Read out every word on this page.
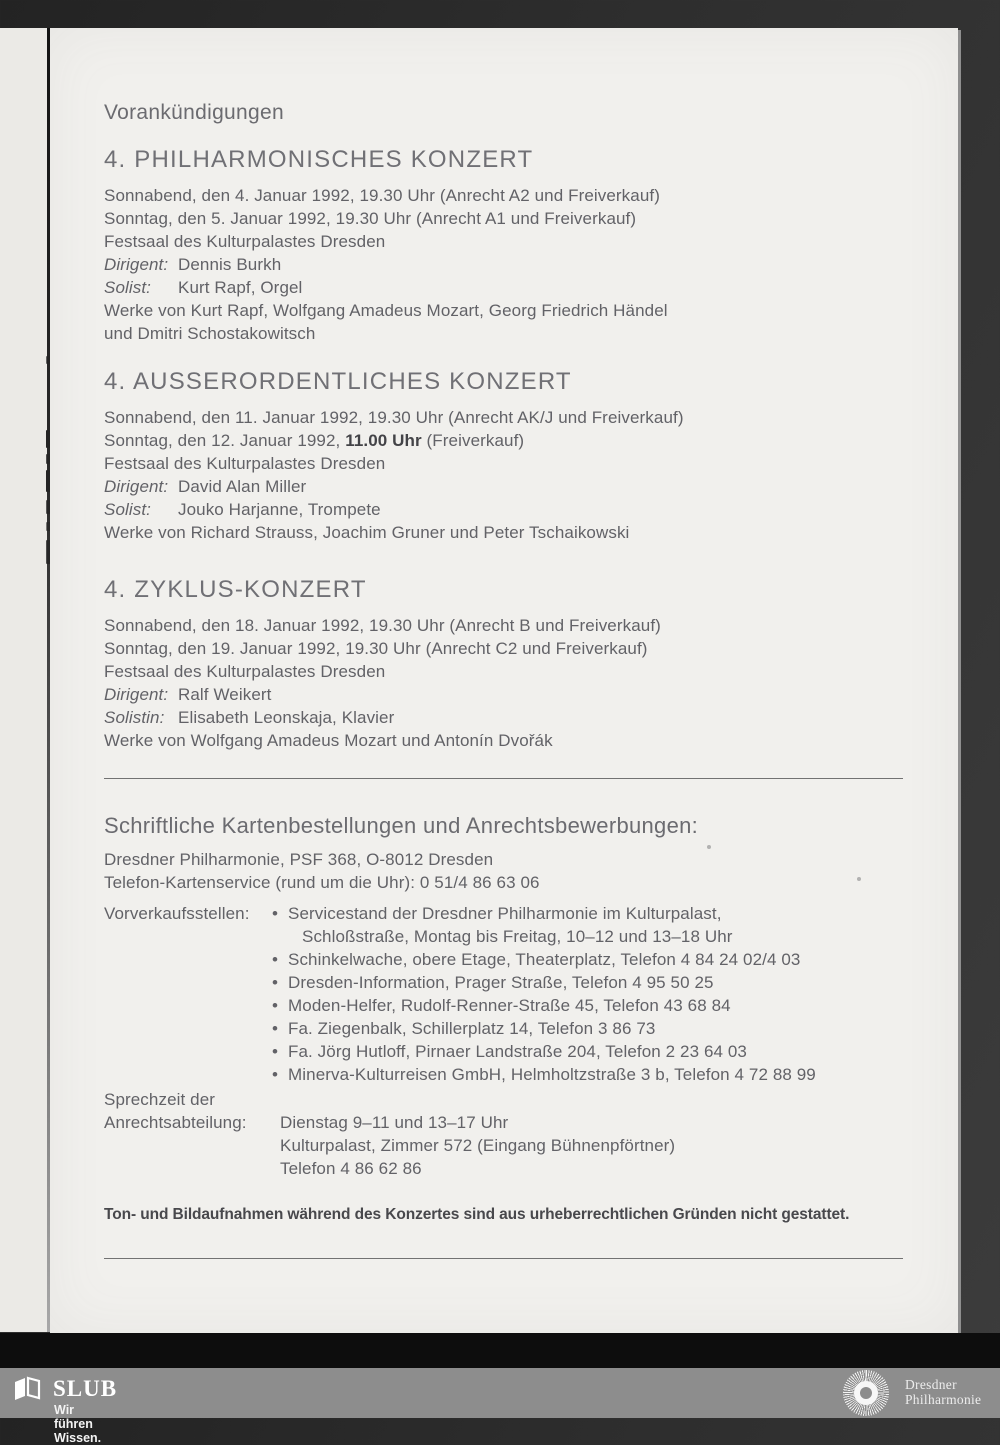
Vorankündigungen
4. PHILHARMONISCHES KONZERT
Sonnabend, den 4. Januar 1992, 19.30 Uhr (Anrecht A2 und Freiverkauf)
Sonntag, den 5. Januar 1992, 19.30 Uhr (Anrecht A1 und Freiverkauf)
Festsaal des Kulturpalastes Dresden
Dirigent: Dennis Burkh
Solist: Kurt Rapf, Orgel
Werke von Kurt Rapf, Wolfgang Amadeus Mozart, Georg Friedrich Händel
und Dmitri Schostakowitsch
4. AUSSERORDENTLICHES KONZERT
Sonnabend, den 11. Januar 1992, 19.30 Uhr (Anrecht AK/J und Freiverkauf)
Sonntag, den 12. Januar 1992, 11.00 Uhr (Freiverkauf)
Festsaal des Kulturpalastes Dresden
Dirigent: David Alan Miller
Solist: Jouko Harjanne, Trompete
Werke von Richard Strauss, Joachim Gruner und Peter Tschaikowski
4. ZYKLUS-KONZERT
Sonnabend, den 18. Januar 1992, 19.30 Uhr (Anrecht B und Freiverkauf)
Sonntag, den 19. Januar 1992, 19.30 Uhr (Anrecht C2 und Freiverkauf)
Festsaal des Kulturpalastes Dresden
Dirigent: Ralf Weikert
Solistin: Elisabeth Leonskaja, Klavier
Werke von Wolfgang Amadeus Mozart und Antonín Dvořák
Schriftliche Kartenbestellungen und Anrechtsbewerbungen:
Dresdner Philharmonie, PSF 368, O-8012 Dresden
Telefon-Kartenservice (rund um die Uhr): 0 51/4 86 63 06
Vorverkaufsstellen: • Servicestand der Dresdner Philharmonie im Kulturpalast,
Schloßstraße, Montag bis Freitag, 10–12 und 13–18 Uhr
• Schinkelwache, obere Etage, Theaterplatz, Telefon 4 84 24 02/4 03
• Dresden-Information, Prager Straße, Telefon 4 95 50 25
• Moden-Helfer, Rudolf-Renner-Straße 45, Telefon 43 68 84
• Fa. Ziegenbalk, Schillerplatz 14, Telefon 3 86 73
• Fa. Jörg Hutloff, Pirnaer Landstraße 204, Telefon 2 23 64 03
• Minerva-Kulturreisen GmbH, Helmholtzstraße 3 b, Telefon 4 72 88 99
Sprechzeit der
Anrechtsabteilung: Dienstag 9–11 und 13–17 Uhr
Kulturpalast, Zimmer 572 (Eingang Bühnenpförtner)
Telefon 4 86 62 86
Ton- und Bildaufnahmen während des Konzertes sind aus urheberrechtlichen Gründen nicht gestattet.
SLUB
Wir führen Wissen.
Dresdner
Philharmonie
